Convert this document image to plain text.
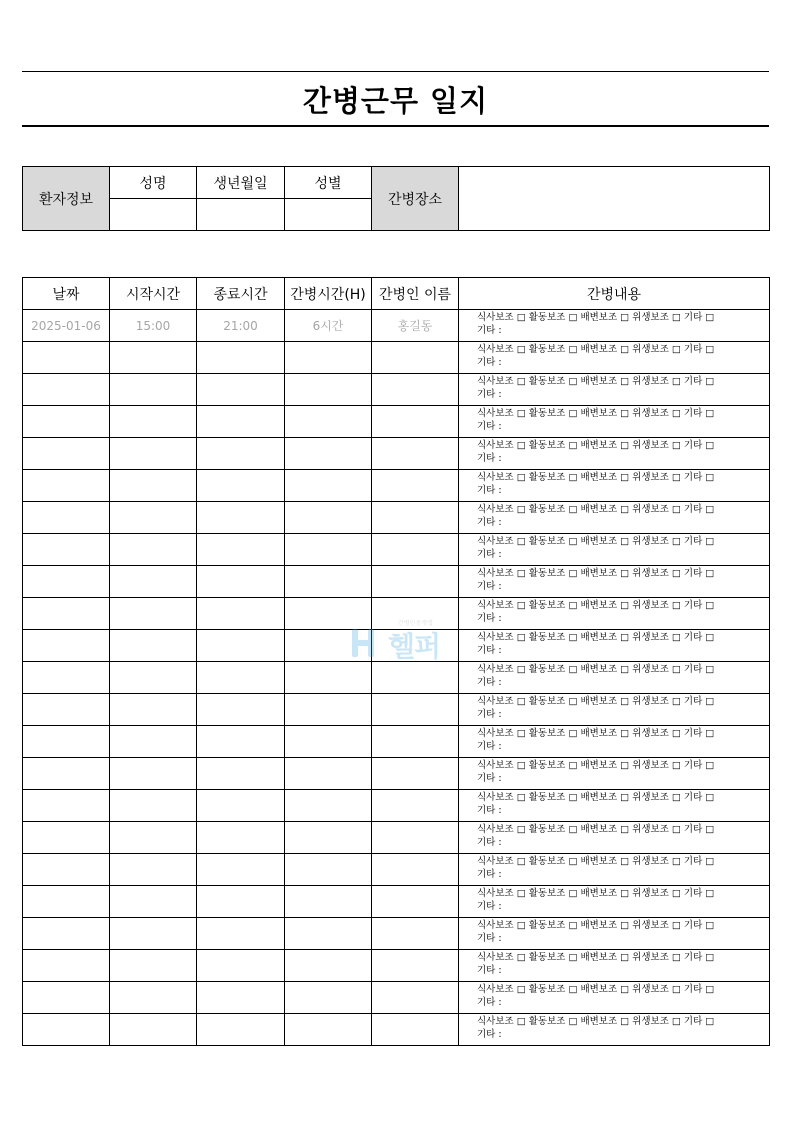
간병근무 일지
환자정보	성명	생년월일	성별	간병장소	

날짜	시작시간	종료시간	간병시간(H)	간병인 이름	간병내용
2025-01-06	15:00	21:00	6시간	홍길동	식사보조 □ 활동보조 □ 배변보조 □ 위생보조 □ 기타 □
기타 :

					식사보조 □ 활동보조 □ 배변보조 □ 위생보조 □ 기타 □
기타 :

					식사보조 □ 활동보조 □ 배변보조 □ 위생보조 □ 기타 □
기타 :

					식사보조 □ 활동보조 □ 배변보조 □ 위생보조 □ 기타 □
기타 :

					식사보조 □ 활동보조 □ 배변보조 □ 위생보조 □ 기타 □
기타 :

					식사보조 □ 활동보조 □ 배변보조 □ 위생보조 □ 기타 □
기타 :

					식사보조 □ 활동보조 □ 배변보조 □ 위생보조 □ 기타 □
기타 :

					식사보조 □ 활동보조 □ 배변보조 □ 위생보조 □ 기타 □
기타 :

					식사보조 □ 활동보조 □ 배변보조 □ 위생보조 □ 기타 □
기타 :

					식사보조 □ 활동보조 □ 배변보조 □ 위생보조 □ 기타 □
기타 :

					식사보조 □ 활동보조 □ 배변보조 □ 위생보조 □ 기타 □
기타 :

					식사보조 □ 활동보조 □ 배변보조 □ 위생보조 □ 기타 □
기타 :

					식사보조 □ 활동보조 □ 배변보조 □ 위생보조 □ 기타 □
기타 :

					식사보조 □ 활동보조 □ 배변보조 □ 위생보조 □ 기타 □
기타 :

					식사보조 □ 활동보조 □ 배변보조 □ 위생보조 □ 기타 □
기타 :

					식사보조 □ 활동보조 □ 배변보조 □ 위생보조 □ 기타 □
기타 :

					식사보조 □ 활동보조 □ 배변보조 □ 위생보조 □ 기타 □
기타 :

					식사보조 □ 활동보조 □ 배변보조 □ 위생보조 □ 기타 □
기타 :

					식사보조 □ 활동보조 □ 배변보조 □ 위생보조 □ 기타 □
기타 :

					식사보조 □ 활동보조 □ 배변보조 □ 위생보조 □ 기타 □
기타 :

					식사보조 □ 활동보조 □ 배변보조 □ 위생보조 □ 기타 □
기타 :

					식사보조 □ 활동보조 □ 배변보조 □ 위생보조 □ 기타 □
기타 :

					식사보조 □ 활동보조 □ 배변보조 □ 위생보조 □ 기타 □
기타 :
간병인중개앱
헬퍼
